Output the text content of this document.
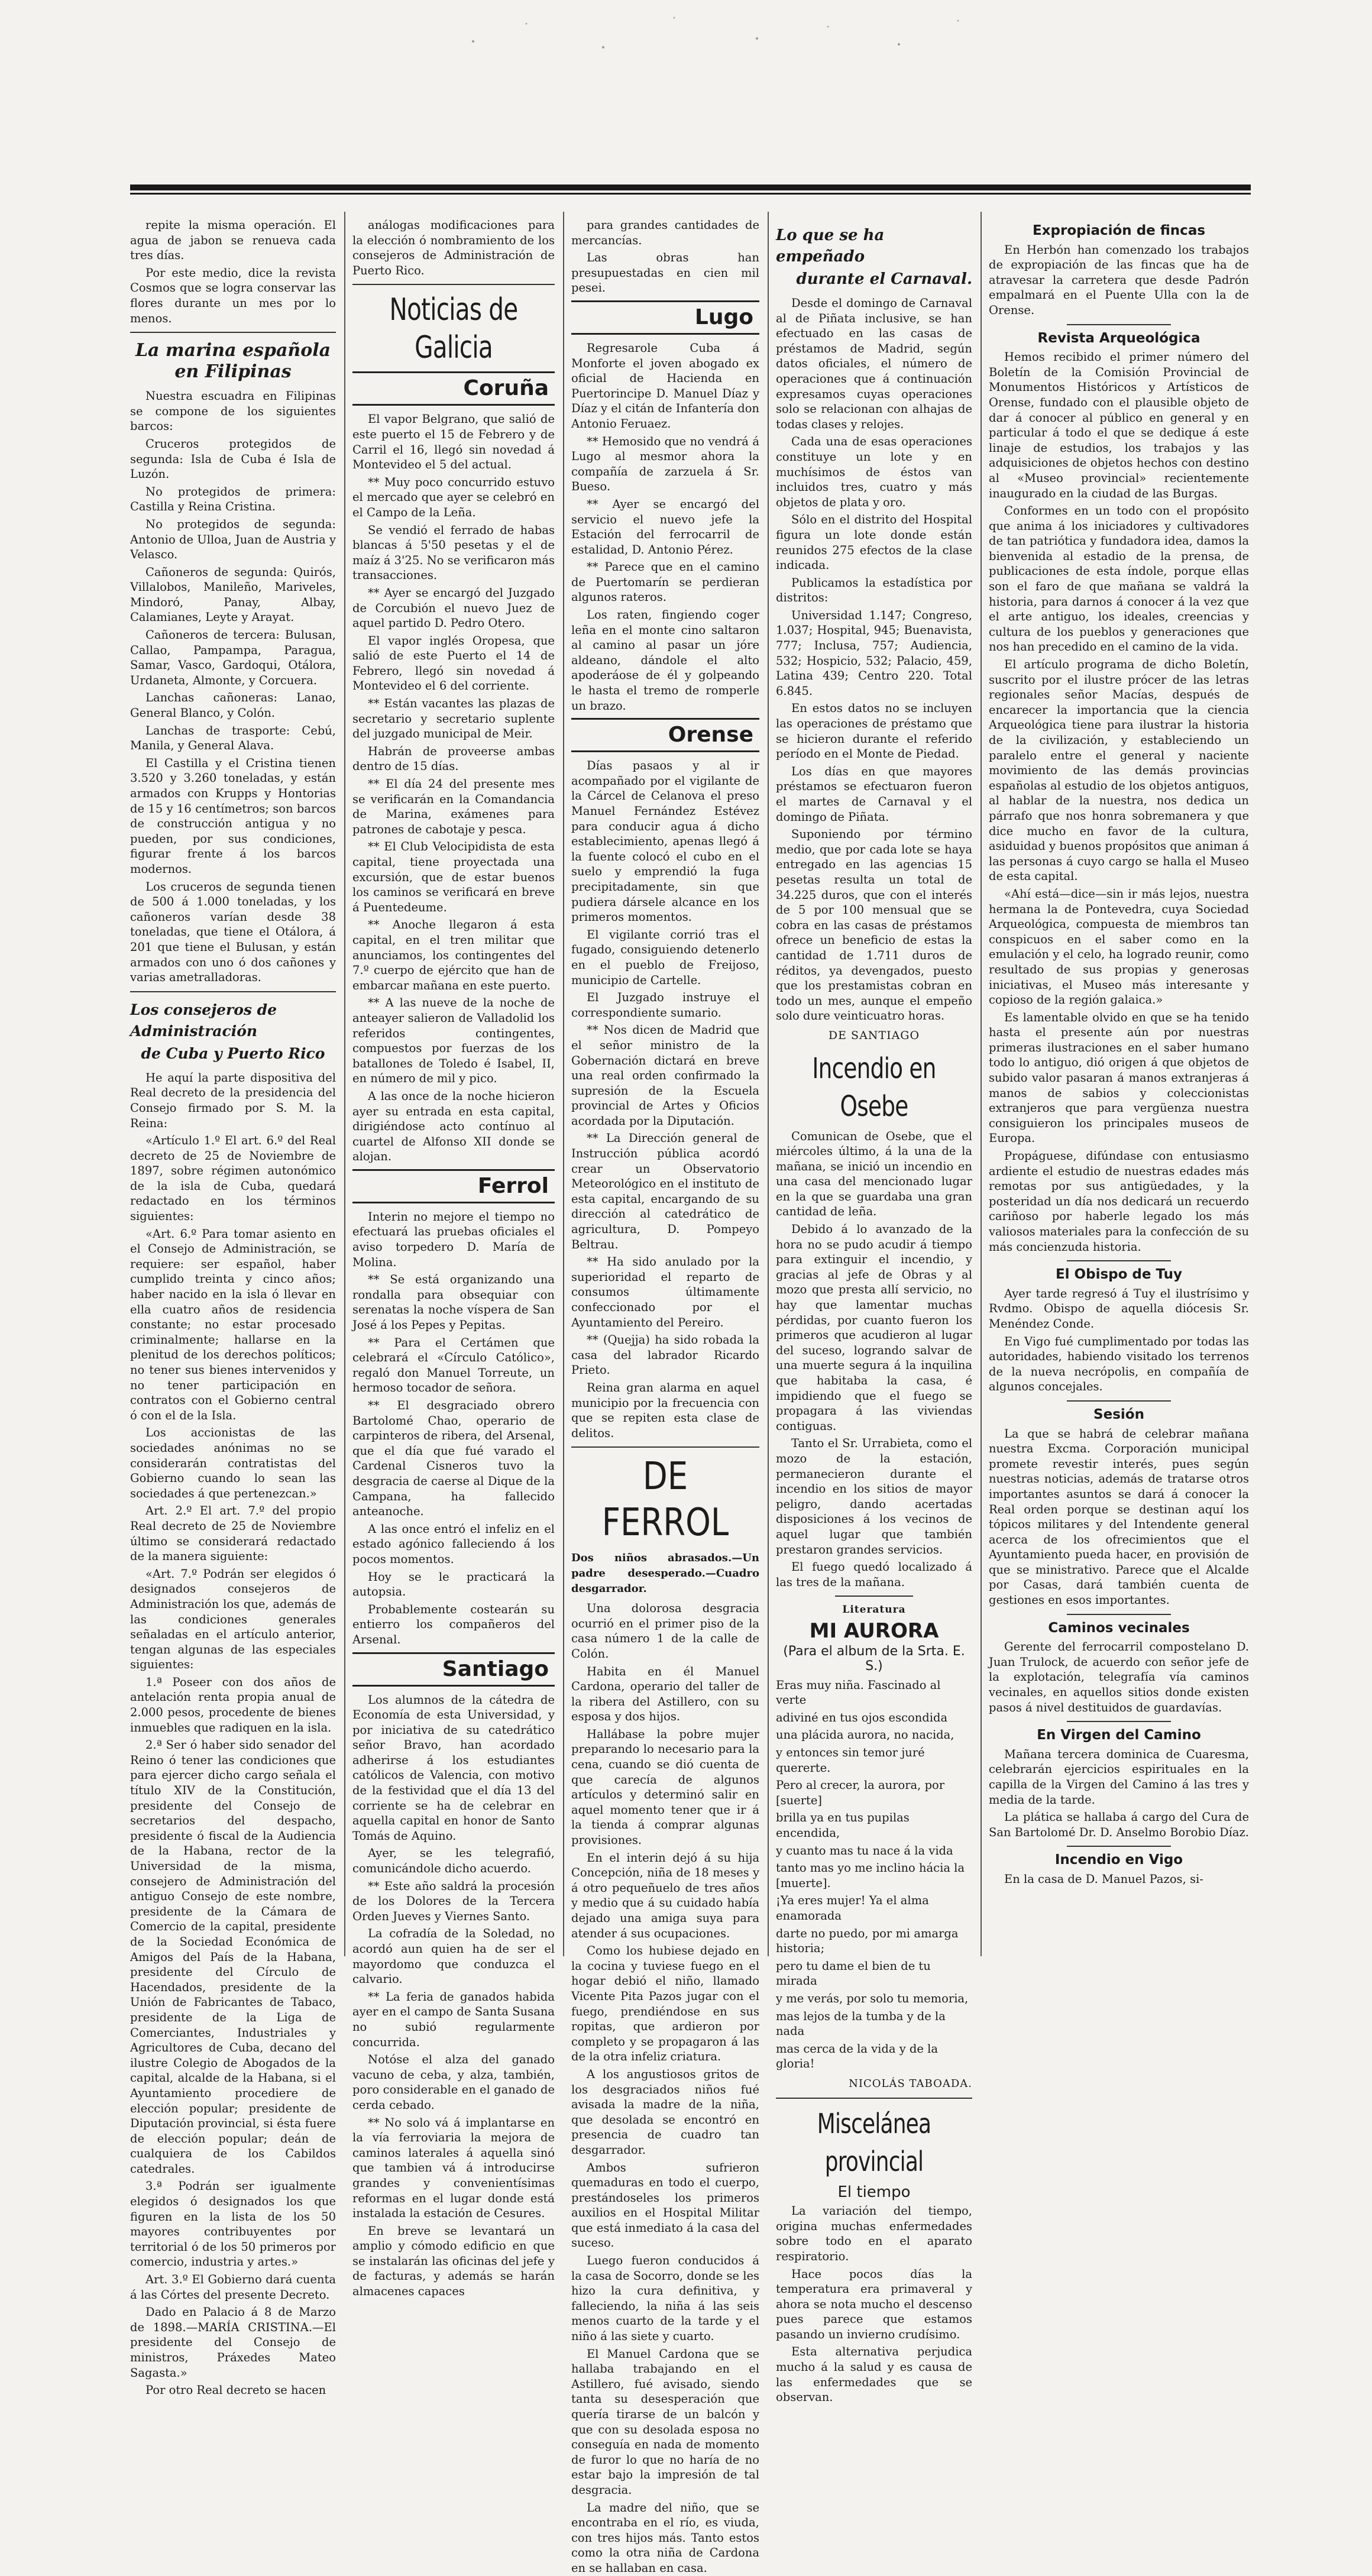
repite la misma operación. El agua de jabon se renueva cada tres días.

Por este medio, dice la revista Cosmos que se logra conservar las flores durante un mes por lo menos.

La marina española en Filipinas

Nuestra escuadra en Filipinas se compone de los siguientes barcos:

Cruceros protegidos de segunda: Isla de Cuba é Isla de Luzón.

No protegidos de primera: Castilla y Reina Cristina.

No protegidos de segunda: Antonio de Ulloa, Juan de Austria y Velasco.

Cañoneros de segunda: Quirós, Villalobos, Manileño, Mariveles, Mindoró, Panay, Albay, Calamianes, Leyte y Arayat.

Cañoneros de tercera: Bulusan, Callao, Pampampa, Paragua, Samar, Vasco, Gardoqui, Otálora, Urdaneta, Almonte, y Corcuera.

Lanchas cañoneras: Lanao, General Blanco, y Colón.

Lanchas de trasporte: Cebú, Manila, y General Alava.

El Castilla y el Cristina tienen 3.520 y 3.260 toneladas, y están armados con Krupps y Hontorias de 15 y 16 centímetros; son barcos de construcción antigua y no pueden, por sus condiciones, figurar frente á los barcos modernos.

Los cruceros de segunda tienen de 500 á 1.000 toneladas, y los cañoneros varían desde 38 toneladas, que tiene el Otálora, á 201 que tiene el Bulusan, y están armados con uno ó dos cañones y varias ametralladoras.

Los consejeros de Administración
de Cuba y Puerto Rico

He aquí la parte dispositiva del Real decreto de la presidencia del Consejo firmado por S. M. la Reina:

«Artículo 1.º El art. 6.º del Real decreto de 25 de Noviembre de 1897, sobre régimen autonómico de la isla de Cuba, quedará redactado en los términos siguientes:

«Art. 6.º Para tomar asiento en el Consejo de Administración, se requiere: ser español, haber cumplido treinta y cinco años; haber nacido en la isla ó llevar en ella cuatro años de residencia constante; no estar procesado criminalmente; hallarse en la plenitud de los derechos políticos; no tener sus bienes intervenidos y no tener participación en contratos con el Gobierno central ó con el de la Isla.

Los accionistas de las sociedades anónimas no se considerarán contratistas del Gobierno cuando lo sean las sociedades á que pertenezcan.»

Art. 2.º El art. 7.º del propio Real decreto de 25 de Noviembre último se considerará redactado de la manera siguiente:

«Art. 7.º Podrán ser elegidos ó designados consejeros de Administración los que, además de las condiciones generales señaladas en el artículo anterior, tengan algunas de las especiales siguientes:

1.ª Poseer con dos años de antelación renta propia anual de 2.000 pesos, procedente de bienes inmuebles que radiquen en la isla.

2.ª Ser ó haber sido senador del Reino ó tener las condiciones que para ejercer dicho cargo señala el título XIV de la Constitución, presidente del Consejo de secretarios del despacho, presidente ó fiscal de la Audiencia de la Habana, rector de la Universidad de la misma, consejero de Administración del antiguo Consejo de este nombre, presidente de la Cámara de Comercio de la capital, presidente de la Sociedad Económica de Amigos del País de la Habana, presidente del Círculo de Hacendados, presidente de la Unión de Fabricantes de Tabaco, presidente de la Liga de Comerciantes, Industriales y Agricultores de Cuba, decano del ilustre Colegio de Abogados de la capital, alcalde de la Habana, si el Ayuntamiento procediere de elección popular; presidente de Diputación provincial, si ésta fuere de elección popular; deán de cualquiera de los Cabildos catedrales.

3.ª Podrán ser igualmente elegidos ó designados los que figuren en la lista de los 50 mayores contribuyentes por territorial ó de los 50 primeros por comercio, industria y artes.»

Art. 3.º El Gobierno dará cuenta á las Córtes del presente Decreto.

Dado en Palacio á 8 de Marzo de 1898.—MARÍA CRISTINA.—El presidente del Consejo de ministros, Práxedes Mateo Sagasta.»

Por otro Real decreto se hacen

análogas modificaciones para la elección ó nombramiento de los consejeros de Administración de Puerto Rico.

Noticias de Galicia
Coruña

El vapor Belgrano, que salió de este puerto el 15 de Febrero y de Carril el 16, llegó sin novedad á Montevideo el 5 del actual.

** Muy poco concurrido estuvo el mercado que ayer se celebró en el Campo de la Leña.

Se vendió el ferrado de habas blancas á 5'50 pesetas y el de maíz á 3'25. No se verificaron más transacciones.

** Ayer se encargó del Juzgado de Corcubión el nuevo Juez de aquel partido D. Pedro Otero.

El vapor inglés Oropesa, que salió de este Puerto el 14 de Febrero, llegó sin novedad á Montevideo el 6 del corriente.

** Están vacantes las plazas de secretario y secretario suplente del juzgado municipal de Meir.

Habrán de proveerse ambas dentro de 15 días.

** El día 24 del presente mes se verificarán en la Comandancia de Marina, exámenes para patrones de cabotaje y pesca.

** El Club Velocipidista de esta capital, tiene proyectada una excursión, que de estar buenos los caminos se verificará en breve á Puentedeume.

** Anoche llegaron á esta capital, en el tren militar que anunciamos, los contingentes del 7.º cuerpo de ejército que han de embarcar mañana en este puerto.

** A las nueve de la noche de anteayer salieron de Valladolid los referidos contingentes, compuestos por fuerzas de los batallones de Toledo é Isabel, II, en número de mil y pico.

A las once de la noche hicieron ayer su entrada en esta capital, dirigiéndose acto contínuo al cuartel de Alfonso XII donde se alojan.

Ferrol

Interin no mejore el tiempo no efectuará las pruebas oficiales el aviso torpedero D. María de Molina.

** Se está organizando una rondalla para obsequiar con serenatas la noche víspera de San José á los Pepes y Pepitas.

** Para el Certámen que celebrará el «Círculo Católico», regaló don Manuel Torreute, un hermoso tocador de señora.

** El desgraciado obrero Bartolomé Chao, operario de carpinteros de ribera, del Arsenal, que el día que fué varado el Cardenal Cisneros tuvo la desgracia de caerse al Dique de la Campana, ha fallecido anteanoche.

A las once entró el infeliz en el estado agónico falleciendo á los pocos momentos.

Hoy se le practicará la autopsia.

Probablemente costearán su entierro los compañeros del Arsenal.

Santiago

Los alumnos de la cátedra de Economía de esta Universidad, y por iniciativa de su catedrático señor Bravo, han acordado adherirse á los estudiantes católicos de Valencia, con motivo de la festividad que el día 13 del corriente se ha de celebrar en aquella capital en honor de Santo Tomás de Aquino.

Ayer, se les telegrafió, comunicándole dicho acuerdo.

** Este año saldrá la procesión de los Dolores de la Tercera Orden Jueves y Viernes Santo.

La cofradía de la Soledad, no acordó aun quien ha de ser el mayordomo que conduzca el calvario.

** La feria de ganados habida ayer en el campo de Santa Susana no subió regularmente concurrida.

Notóse el alza del ganado vacuno de ceba, y alza, también, poro considerable en el ganado de cerda cebado.

** No solo vá á implantarse en la vía ferroviaria la mejora de caminos laterales á aquella sinó que tambien vá á introducirse grandes y convenientísimas reformas en el lugar donde está instalada la estación de Cesures.

En breve se levantará un amplio y cómodo edificio en que se instalarán las oficinas del jefe y de facturas, y además se harán almacenes capaces

para grandes cantidades de mercancías.

Las obras han presupuestadas en cien mil pesei.

Lugo

Regresarole Cuba á Monforte el joven abogado ex oficial de Hacienda en Puertorincipe D. Manuel Díaz y Díaz y el citán de Infantería don Antonio Feruaez.

** Hemosido que no vendrá á Lugo al mesmor ahora la compañía de zarzuela á Sr. Bueso.

** Ayer se encargó del servicio el nuevo jefe la Estación del ferrocarril de estalidad, D. Antonio Pérez.

** Parece que en el camino de Puertomarín se perdieran algunos rateros.

Los raten, fingiendo coger leña en el monte cino saltaron al camino al pasar un jóre aldeano, dándole el alto apoderáose de él y golpeando le hasta el tremo de romperle un brazo.

Orense

Días pasaos y al ir acompañado por el vigilante de la Cárcel de Celanova el preso Manuel Fernández Estévez para conducir agua á dicho establecimiento, apenas llegó á la fuente colocó el cubo en el suelo y emprendió la fuga precipitadamente, sin que pudiera dársele alcance en los primeros momentos.

El vigilante corrió tras el fugado, consiguiendo detenerlo en el pueblo de Freijoso, municipio de Cartelle.

El Juzgado instruye el correspondiente sumario.

** Nos dicen de Madrid que el señor ministro de la Gobernación dictará en breve una real orden confirmado la supresión de la Escuela provincial de Artes y Oficios acordada por la Diputación.

** La Dirección general de Instrucción pública acordó crear un Observatorio Meteorológico en el instituto de esta capital, encargando de su dirección al catedrático de agricultura, D. Pompeyo Beltrau.

** Ha sido anulado por la superioridad el reparto de consumos últimamente confeccionado por el Ayuntamiento del Pereiro.

** (Quejja) ha sido robada la casa del labrador Ricardo Prieto.

Reina gran alarma en aquel municipio por la frecuencia con que se repiten esta clase de delitos.

DE FERROL
Dos niños abrasados.—Un padre desesperado.—Cuadro desgarrador.

Una dolorosa desgracia ocurrió en el primer piso de la casa número 1 de la calle de Colón.

Habita en él Manuel Cardona, operario del taller de la ribera del Astillero, con su esposa y dos hijos.

Hallábase la pobre mujer preparando lo necesario para la cena, cuando se dió cuenta de que carecía de algunos artículos y determinó salir en aquel momento tener que ir á la tienda á comprar algunas provisiones.

En el interin dejó á su hija Concepción, niña de 18 meses y á otro pequeñuelo de tres años y medio que á su cuidado había dejado una amiga suya para atender á sus ocupaciones.

Como los hubiese dejado en la cocina y tuviese fuego en el hogar debió el niño, llamado Vicente Pita Pazos jugar con el fuego, prendiéndose en sus ropitas, que ardieron por completo y se propagaron á las de la otra infeliz criatura.

A los angustiosos gritos de los desgraciados niños fué avisada la madre de la niña, que desolada se encontró en presencia de cuadro tan desgarrador.

Ambos sufrieron quemaduras en todo el cuerpo, prestándoseles los primeros auxilios en el Hospital Militar que está inmediato á la casa del suceso.

Luego fueron conducidos á la casa de Socorro, donde se les hizo la cura definitiva, y falleciendo, la niña á las seis menos cuarto de la tarde y el niño á las siete y cuarto.

El Manuel Cardona que se hallaba trabajando en el Astillero, fué avisado, siendo tanta su desesperación que quería tirarse de un balcón y que con su desolada esposa no conseguía en nada de momento de furor lo que no haría de no estar bajo la impresión de tal desgracia.

La madre del niño, que se encontraba en el río, es viuda, con tres hijos más. Tanto estos como la otra niña de Cardona en se hallaban en casa.

Lo que se ha empeñado
durante el Carnaval.

Desde el domingo de Carnaval al de Piñata inclusive, se han efectuado en las casas de préstamos de Madrid, según datos oficiales, el número de operaciones que á continuación expresamos cuyas operaciones solo se relacionan con alhajas de todas clases y relojes.

Cada una de esas operaciones constituye un lote y en muchísimos de éstos van incluidos tres, cuatro y más objetos de plata y oro.

Sólo en el distrito del Hospital figura un lote donde están reunidos 275 efectos de la clase indicada.

Publicamos la estadística por distritos:

Universidad 1.147; Congreso, 1.037; Hospital, 945; Buenavista, 777; Inclusa, 757; Audiencia, 532; Hospicio, 532; Palacio, 459, Latina 439; Centro 220. Total 6.845.

En estos datos no se incluyen las operaciones de préstamo que se hicieron durante el referido período en el Monte de Piedad.

Los días en que mayores préstamos se efectuaron fueron el martes de Carnaval y el domingo de Piñata.

Suponiendo por término medio, que por cada lote se haya entregado en las agencias 15 pesetas resulta un total de 34.225 duros, que con el interés de 5 por 100 mensual que se cobra en las casas de préstamos ofrece un beneficio de estas la cantidad de 1.711 duros de réditos, ya devengados, puesto que los prestamistas cobran en todo un mes, aunque el empeño solo dure veinticuatro horas.

DE SANTIAGO
Incendio en Osebe

Comunican de Osebe, que el miércoles último, á la una de la mañana, se inició un incendio en una casa del mencionado lugar en la que se guardaba una gran cantidad de leña.

Debido á lo avanzado de la hora no se pudo acudir á tiempo para extinguir el incendio, y gracias al jefe de Obras y al mozo que presta allí servicio, no hay que lamentar muchas pérdidas, por cuanto fueron los primeros que acudieron al lugar del suceso, logrando salvar de una muerte segura á la inquilina que habitaba la casa, é impidiendo que el fuego se propagara á las viviendas contiguas.

Tanto el Sr. Urrabieta, como el mozo de la estación, permanecieron durante el incendio en los sitios de mayor peligro, dando acertadas disposiciones á los vecinos de aquel lugar que también prestaron grandes servicios.

El fuego quedó localizado á las tres de la mañana.

Literatura
MI AURORA
(Para el album de la Srta. E. S.)

Eras muy niña. Fascinado al verte

adiviné en tus ojos escondida

una plácida aurora, no nacida,

y entonces sin temor juré quererte.

Pero al crecer, la aurora, por [suerte]

brilla ya en tus pupilas encendida,

y cuanto mas tu nace á la vida

tanto mas yo me inclino hácia la [muerte].

¡Ya eres mujer! Ya el alma enamorada

darte no puedo, por mi amarga historia;

pero tu dame el bien de tu mirada

y me verás, por solo tu memoria,

mas lejos de la tumba y de la nada

mas cerca de la vida y de la gloria!

NICOLÁS TABOADA.
Miscelánea provincial
El tiempo

La variación del tiempo, origina muchas enfermedades sobre todo en el aparato respiratorio.

Hace pocos días la temperatura era primaveral y ahora se nota mucho el descenso pues parece que estamos pasando un invierno crudísimo.

Esta alternativa perjudica mucho á la salud y es causa de las enfermedades que se observan.

Expropiación de fincas

En Herbón han comenzado los trabajos de expropiación de las fincas que ha de atravesar la carretera que desde Padrón empalmará en el Puente Ulla con la de Orense.

Revista Arqueológica

Hemos recibido el primer número del Boletín de la Comisión Provincial de Monumentos Históricos y Artísticos de Orense, fundado con el plausible objeto de dar á conocer al público en general y en particular á todo el que se dedique á este linaje de estudios, los trabajos y las adquisiciones de objetos hechos con destino al «Museo provincial» recientemente inaugurado en la ciudad de las Burgas.

Conformes en un todo con el propósito que anima á los iniciadores y cultivadores de tan patriótica y fundadora idea, damos la bienvenida al estadio de la prensa, de publicaciones de esta índole, porque ellas son el faro de que mañana se valdrá la historia, para darnos á conocer á la vez que el arte antiguo, los ideales, creencias y cultura de los pueblos y generaciones que nos han precedido en el camino de la vida.

El artículo programa de dicho Boletín, suscrito por el ilustre prócer de las letras regionales señor Macías, después de encarecer la importancia que la ciencia Arqueológica tiene para ilustrar la historia de la civilización, y estableciendo un paralelo entre el general y naciente movimiento de las demás provincias españolas al estudio de los objetos antiguos, al hablar de la nuestra, nos dedica un párrafo que nos honra sobremanera y que dice mucho en favor de la cultura, asiduidad y buenos propósitos que animan á las personas á cuyo cargo se halla el Museo de esta capital.

«Ahí está—dice—sin ir más lejos, nuestra hermana la de Pontevedra, cuya Sociedad Arqueológica, compuesta de miembros tan conspicuos en el saber como en la emulación y el celo, ha logrado reunir, como resultado de sus propias y generosas iniciativas, el Museo más interesante y copioso de la región galaica.»

Es lamentable olvido en que se ha tenido hasta el presente aún por nuestras primeras ilustraciones en el saber humano todo lo antiguo, dió origen á que objetos de subido valor pasaran á manos extranjeras á manos de sabios y coleccionistas extranjeros que para vergüenza nuestra consiguieron los principales museos de Europa.

Propáguese, difúndase con entusiasmo ardiente el estudio de nuestras edades más remotas por sus antigüedades, y la posteridad un día nos dedicará un recuerdo cariñoso por haberle legado los más valiosos materiales para la confección de su más concienzuda historia.

El Obispo de Tuy

Ayer tarde regresó á Tuy el ilustrísimo y Rvdmo. Obispo de aquella diócesis Sr. Menéndez Conde.

En Vigo fué cumplimentado por todas las autoridades, habiendo visitado los terrenos de la nueva necrópolis, en compañía de algunos concejales.

Sesión

La que se habrá de celebrar mañana nuestra Excma. Corporación municipal promete revestir interés, pues según nuestras noticias, además de tratarse otros importantes asuntos se dará á conocer la Real orden porque se destinan aquí los tópicos militares y del Intendente general acerca de los ofrecimientos que el Ayuntamiento pueda hacer, en provisión de que se ministrativo. Parece que el Alcalde por Casas, dará también cuenta de gestiones en esos importantes.

Caminos vecinales

Gerente del ferrocarril compostelano D. Juan Trulock, de acuerdo con señor jefe de la explotación, telegrafía vía caminos vecinales, en aquellos sitios donde existen pasos á nivel destituidos de guardavías.

En Virgen del Camino

Mañana tercera dominica de Cuaresma, celebrarán ejercicios espirituales en la capilla de la Virgen del Camino á las tres y media de la tarde.

La plática se hallaba á cargo del Cura de San Bartolomé Dr. D. Anselmo Borobio Díaz.

Incendio en Vigo

En la casa de D. Manuel Pazos, si-
